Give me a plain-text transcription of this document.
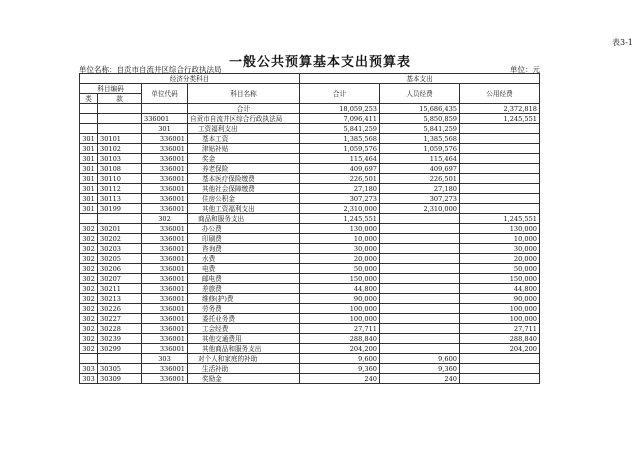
表3-1
一般公共预算基本支出预算表
单位名称：自贡市自流井区综合行政执法局	单位：元
经济分类科目				基本支出		
科目编码		单位代码	科目名称	合计	人员经费	公用经费
类	款					
			合计	18,059,253	15,686,435	2,372,818
		336001	自贡市自流井区综合行政执法局	7,096,411	5,850,859	1,245,551
		301	工资福利支出	5,841,259	5,841,259	
301	30101	336001	基本工资	1,385,568	1,385,568	
301	30102	336001	津贴补贴	1,059,576	1,059,576	
301	30103	336001	奖金	115,464	115,464	
301	30108	336001	养老保险	409,697	409,697	
301	30110	336001	基本医疗保险缴费	226,501	226,501	
301	30112	336001	其他社会保障缴费	27,180	27,180	
301	30113	336001	住房公积金	307,273	307,273	
301	30199	336001	其他工资福利支出	2,310,000	2,310,000	
		302	商品和服务支出	1,245,551		1,245,551
302	30201	336001	办公费	130,000		130,000
302	30202	336001	印刷费	10,000		10,000
302	30203	336001	咨询费	30,000		30,000
302	30205	336001	水费	20,000		20,000
302	30206	336001	电费	50,000		50,000
302	30207	336001	邮电费	150,000		150,000
302	30211	336001	差旅费	44,800		44,800
302	30213	336001	维修(护)费	90,000		90,000
302	30226	336001	劳务费	100,000		100,000
302	30227	336001	委托业务费	100,000		100,000
302	30228	336001	工会经费	27,711		27,711
302	30239	336001	其他交通费用	288,840		288,840
302	30299	336001	其他商品和服务支出	204,200		204,200
		303	对个人和家庭的补助	9,600	9,600	
303	30305	336001	生活补助	9,360	9,360	
303	30309	336001	奖励金	240	240	
